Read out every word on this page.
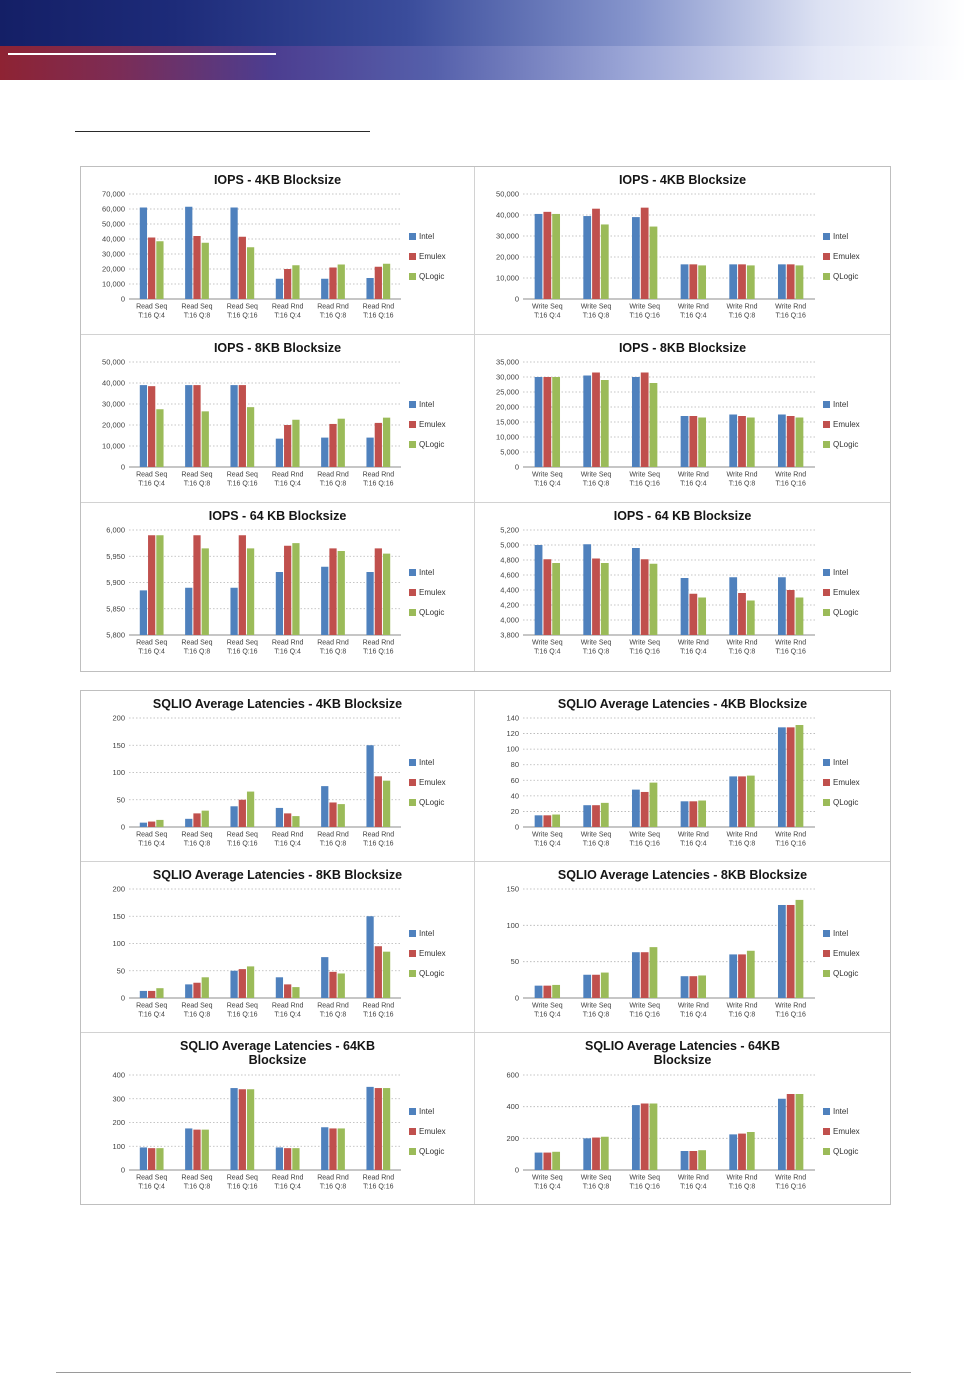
IOPS - 4KB Blocksize
0
10,000
20,000
30,000
40,000
50,000
60,000
70,000
Read Seq
T:16 Q:4
Read Seq
T:16 Q:8
Read Seq
T:16 Q:16
Read Rnd
T:16 Q:4
Read Rnd
T:16 Q:8
Read Rnd
T:16 Q:16
Intel
Emulex
QLogic
IOPS - 4KB Blocksize
0
10,000
20,000
30,000
40,000
50,000
Write Seq
T:16 Q:4
Write Seq
T:16 Q:8
Write Seq
T:16 Q:16
Write Rnd
T:16 Q:4
Write Rnd
T:16 Q:8
Write Rnd
T:16 Q:16
Intel
Emulex
QLogic
IOPS - 8KB Blocksize
0
10,000
20,000
30,000
40,000
50,000
Read Seq
T:16 Q:4
Read Seq
T:16 Q:8
Read Seq
T:16 Q:16
Read Rnd
T:16 Q:4
Read Rnd
T:16 Q:8
Read Rnd
T:16 Q:16
Intel
Emulex
QLogic
IOPS - 8KB Blocksize
0
5,000
10,000
15,000
20,000
25,000
30,000
35,000
Write Seq
T:16 Q:4
Write Seq
T:16 Q:8
Write Seq
T:16 Q:16
Write Rnd
T:16 Q:4
Write Rnd
T:16 Q:8
Write Rnd
T:16 Q:16
Intel
Emulex
QLogic
IOPS - 64 KB Blocksize
5,800
5,850
5,900
5,950
6,000
Read Seq
T:16 Q:4
Read Seq
T:16 Q:8
Read Seq
T:16 Q:16
Read Rnd
T:16 Q:4
Read Rnd
T:16 Q:8
Read Rnd
T:16 Q:16
Intel
Emulex
QLogic
IOPS - 64 KB Blocksize
3,800
4,000
4,200
4,400
4,600
4,800
5,000
5,200
Write Seq
T:16 Q:4
Write Seq
T:16 Q:8
Write Seq
T:16 Q:16
Write Rnd
T:16 Q:4
Write Rnd
T:16 Q:8
Write Rnd
T:16 Q:16
Intel
Emulex
QLogic
SQLIO Average Latencies - 4KB Blocksize
0
50
100
150
200
Read Seq
T:16 Q:4
Read Seq
T:16 Q:8
Read Seq
T:16 Q:16
Read Rnd
T:16 Q:4
Read Rnd
T:16 Q:8
Read Rnd
T:16 Q:16
Intel
Emulex
QLogic
SQLIO Average Latencies - 4KB Blocksize
0
20
40
60
80
100
120
140
Write Seq
T:16 Q:4
Write Seq
T:16 Q:8
Write Seq
T:16 Q:16
Write Rnd
T:16 Q:4
Write Rnd
T:16 Q:8
Write Rnd
T:16 Q:16
Intel
Emulex
QLogic
SQLIO Average Latencies - 8KB Blocksize
0
50
100
150
200
Read Seq
T:16 Q:4
Read Seq
T:16 Q:8
Read Seq
T:16 Q:16
Read Rnd
T:16 Q:4
Read Rnd
T:16 Q:8
Read Rnd
T:16 Q:16
Intel
Emulex
QLogic
SQLIO Average Latencies - 8KB Blocksize
0
50
100
150
Write Seq
T:16 Q:4
Write Seq
T:16 Q:8
Write Seq
T:16 Q:16
Write Rnd
T:16 Q:4
Write Rnd
T:16 Q:8
Write Rnd
T:16 Q:16
Intel
Emulex
QLogic
SQLIO Average Latencies - 64KB
Blocksize
0
100
200
300
400
Read Seq
T:16 Q:4
Read Seq
T:16 Q:8
Read Seq
T:16 Q:16
Read Rnd
T:16 Q:4
Read Rnd
T:16 Q:8
Read Rnd
T:16 Q:16
Intel
Emulex
QLogic
SQLIO Average Latencies - 64KB
Blocksize
0
200
400
600
Write Seq
T:16 Q:4
Write Seq
T:16 Q:8
Write Seq
T:16 Q:16
Write Rnd
T:16 Q:4
Write Rnd
T:16 Q:8
Write Rnd
T:16 Q:16
Intel
Emulex
QLogic
